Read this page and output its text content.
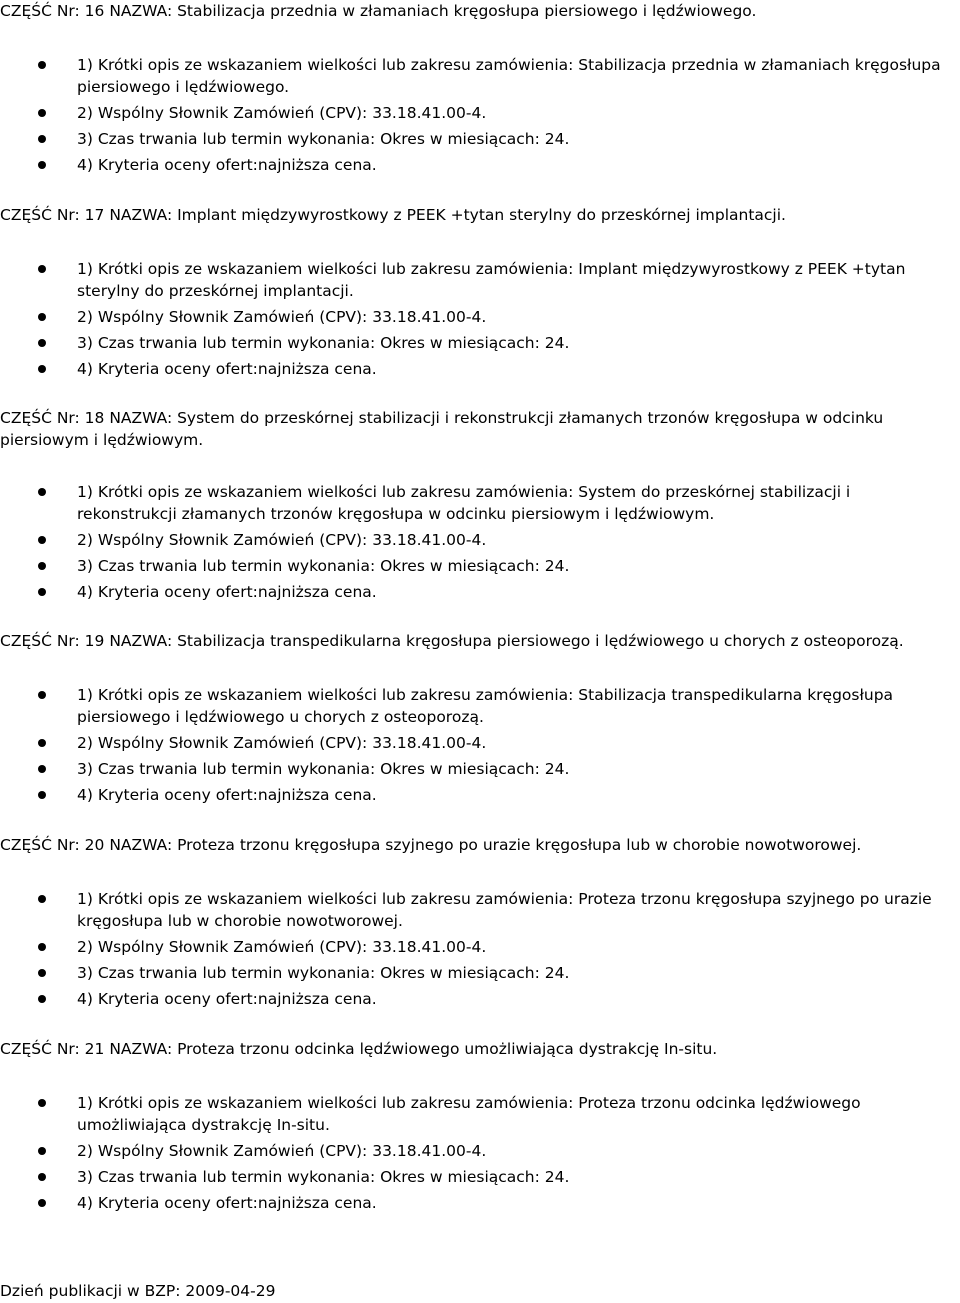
CZĘŚĆ Nr: 16 NAZWA: Stabilizacja przednia w złamaniach kręgosłupa piersiowego i lędźwiowego.
1) Krótki opis ze wskazaniem wielkości lub zakresu zamówienia: Stabilizacja przednia w złamaniach kręgosłupa piersiowego i lędźwiowego.
2) Wspólny Słownik Zamówień (CPV): 33.18.41.00-4.
3) Czas trwania lub termin wykonania: Okres w miesiącach: 24.
4) Kryteria oceny ofert:najniższa cena.
CZĘŚĆ Nr: 17 NAZWA: Implant międzywyrostkowy z PEEK +tytan sterylny do przeskórnej implantacji.
1) Krótki opis ze wskazaniem wielkości lub zakresu zamówienia: Implant międzywyrostkowy z PEEK +tytan sterylny do przeskórnej implantacji.
2) Wspólny Słownik Zamówień (CPV): 33.18.41.00-4.
3) Czas trwania lub termin wykonania: Okres w miesiącach: 24.
4) Kryteria oceny ofert:najniższa cena.
CZĘŚĆ Nr: 18 NAZWA: System do przeskórnej stabilizacji i rekonstrukcji złamanych trzonów kręgosłupa w odcinku piersiowym i lędźwiowym.
1) Krótki opis ze wskazaniem wielkości lub zakresu zamówienia: System do przeskórnej stabilizacji i rekonstrukcji złamanych trzonów kręgosłupa w odcinku piersiowym i lędźwiowym.
2) Wspólny Słownik Zamówień (CPV): 33.18.41.00-4.
3) Czas trwania lub termin wykonania: Okres w miesiącach: 24.
4) Kryteria oceny ofert:najniższa cena.
CZĘŚĆ Nr: 19 NAZWA: Stabilizacja transpedikularna kręgosłupa piersiowego i lędźwiowego u chorych z osteoporozą.
1) Krótki opis ze wskazaniem wielkości lub zakresu zamówienia: Stabilizacja transpedikularna kręgosłupa piersiowego i lędźwiowego u chorych z osteoporozą.
2) Wspólny Słownik Zamówień (CPV): 33.18.41.00-4.
3) Czas trwania lub termin wykonania: Okres w miesiącach: 24.
4) Kryteria oceny ofert:najniższa cena.
CZĘŚĆ Nr: 20 NAZWA: Proteza trzonu kręgosłupa szyjnego po urazie kręgosłupa lub w chorobie nowotworowej.
1) Krótki opis ze wskazaniem wielkości lub zakresu zamówienia: Proteza trzonu kręgosłupa szyjnego po urazie kręgosłupa lub w chorobie nowotworowej.
2) Wspólny Słownik Zamówień (CPV): 33.18.41.00-4.
3) Czas trwania lub termin wykonania: Okres w miesiącach: 24.
4) Kryteria oceny ofert:najniższa cena.
CZĘŚĆ Nr: 21 NAZWA: Proteza trzonu odcinka lędźwiowego umożliwiająca dystrakcję In-situ.
1) Krótki opis ze wskazaniem wielkości lub zakresu zamówienia: Proteza trzonu odcinka lędźwiowego umożliwiająca dystrakcję In-situ.
2) Wspólny Słownik Zamówień (CPV): 33.18.41.00-4.
3) Czas trwania lub termin wykonania: Okres w miesiącach: 24.
4) Kryteria oceny ofert:najniższa cena.
Dzień publikacji w BZP: 2009-04-29
